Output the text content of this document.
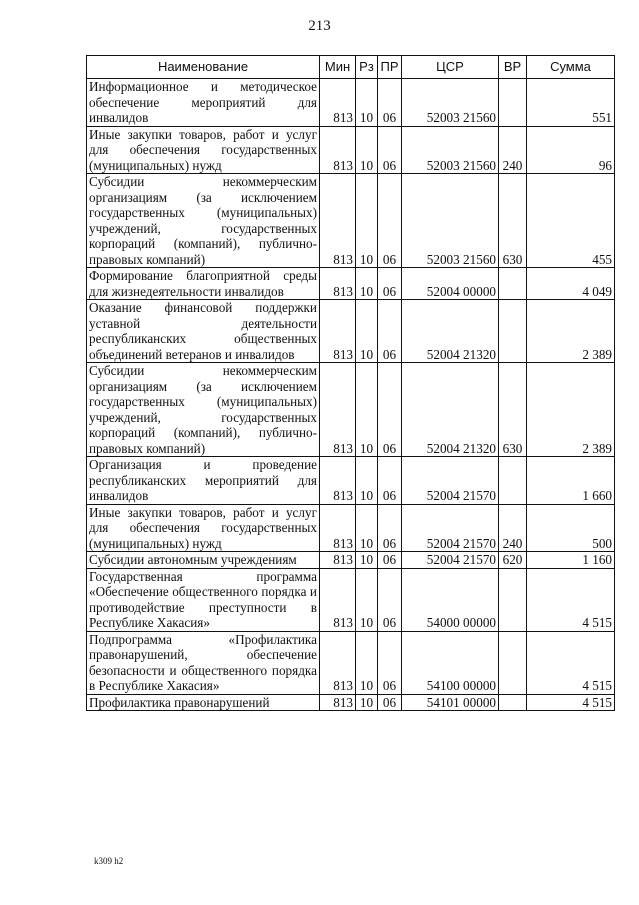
213
Наименование	Мин	Рз	ПР	ЦСР	ВР	Сумма
Информационное и методическое обеспечение мероприятий для инвалидов	813	10	06	52003 21560		551
Иные закупки товаров, работ и услуг для обеспечения государственных (муниципальных) нужд	813	10	06	52003 21560	240	96
Субсидии некоммерческим организациям (за исключением государственных (муниципальных) учреждений, государственных корпораций (компаний), публично-правовых компаний)	813	10	06	52003 21560	630	455
Формирование благоприятной среды для жизнедеятельности инвалидов	813	10	06	52004 00000		4 049
Оказание финансовой поддержки уставной деятельности республиканских общественных объединений ветеранов и инвалидов	813	10	06	52004 21320		2 389
Субсидии некоммерческим организациям (за исключением государственных (муниципальных) учреждений, государственных корпораций (компаний), публично-правовых компаний)	813	10	06	52004 21320	630	2 389
Организация и проведение республиканских мероприятий для инвалидов	813	10	06	52004 21570		1 660
Иные закупки товаров, работ и услуг для обеспечения государственных (муниципальных) нужд	813	10	06	52004 21570	240	500
Субсидии автономным учреждениям	813	10	06	52004 21570	620	1 160
Государственная программа «Обеспечение общественного порядка и противодействие преступности в Республике Хакасия»	813	10	06	54000 00000		4 515
Подпрограмма «Профилактика правонарушений, обеспечение безопасности и общественного порядка в Республике Хакасия»	813	10	06	54100 00000		4 515
Профилактика правонарушений	813	10	06	54101 00000		4 515
k309 h2
